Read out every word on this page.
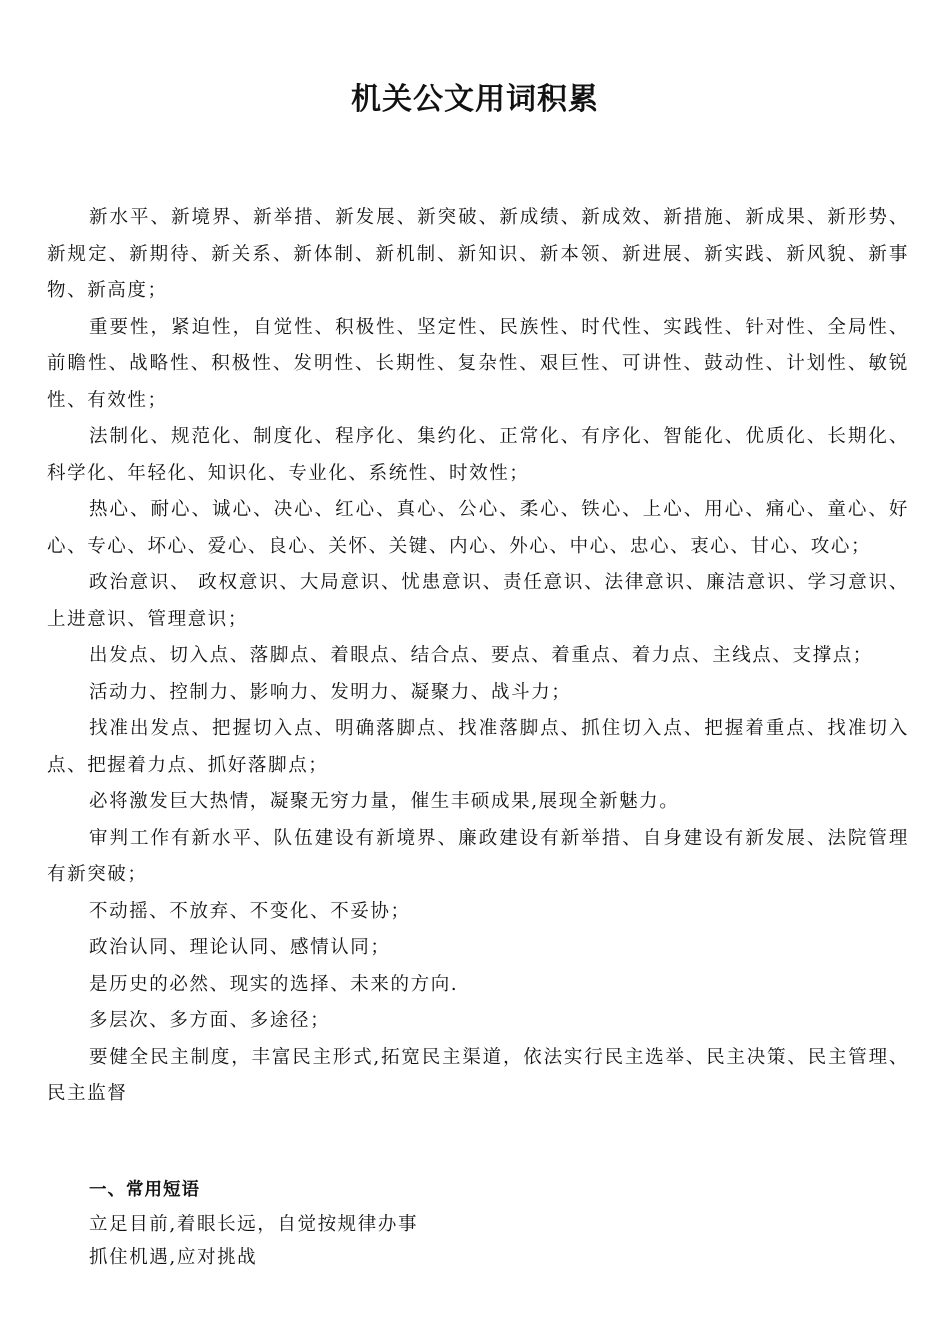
机关公文用词积累

新水平、新境界、新举措、新发展、新突破、新成绩、新成效、新措施、新成果、新形势、新规定、新期待、新关系、新体制、新机制、新知识、新本领、新进展、新实践、新风貌、新事物、新高度；

重要性，紧迫性，自觉性、积极性、坚定性、民族性、时代性、实践性、针对性、全局性、前瞻性、战略性、积极性、发明性、长期性、复杂性、艰巨性、可讲性、鼓动性、计划性、敏锐性、有效性；

法制化、规范化、制度化、程序化、集约化、正常化、有序化、智能化、优质化、长期化、科学化、年轻化、知识化、专业化、系统性、时效性；

热心、耐心、诚心、决心、红心、真心、公心、柔心、铁心、上心、用心、痛心、童心、好心、专心、坏心、爱心、良心、关怀、关键、内心、外心、中心、忠心、衷心、甘心、攻心；

政治意识、 政权意识、大局意识、忧患意识、责任意识、法律意识、廉洁意识、学习意识、上进意识、管理意识；

出发点、切入点、落脚点、着眼点、结合点、要点、着重点、着力点、主线点、支撑点；

活动力、控制力、影响力、发明力、凝聚力、战斗力；

找准出发点、把握切入点、明确落脚点、找准落脚点、抓住切入点、把握着重点、找准切入点、把握着力点、抓好落脚点；

必将激发巨大热情，凝聚无穷力量，催生丰硕成果,展现全新魅力。

审判工作有新水平、队伍建设有新境界、廉政建设有新举措、自身建设有新发展、法院管理有新突破；

不动摇、不放弃、不变化、不妥协；

政治认同、理论认同、感情认同；

是历史的必然、现实的选择、未来的方向.

多层次、多方面、多途径；

要健全民主制度，丰富民主形式,拓宽民主渠道，依法实行民主选举、民主决策、民主管理、民主监督

一、常用短语

立足目前,着眼长远，自觉按规律办事

抓住机遇,应对挑战
